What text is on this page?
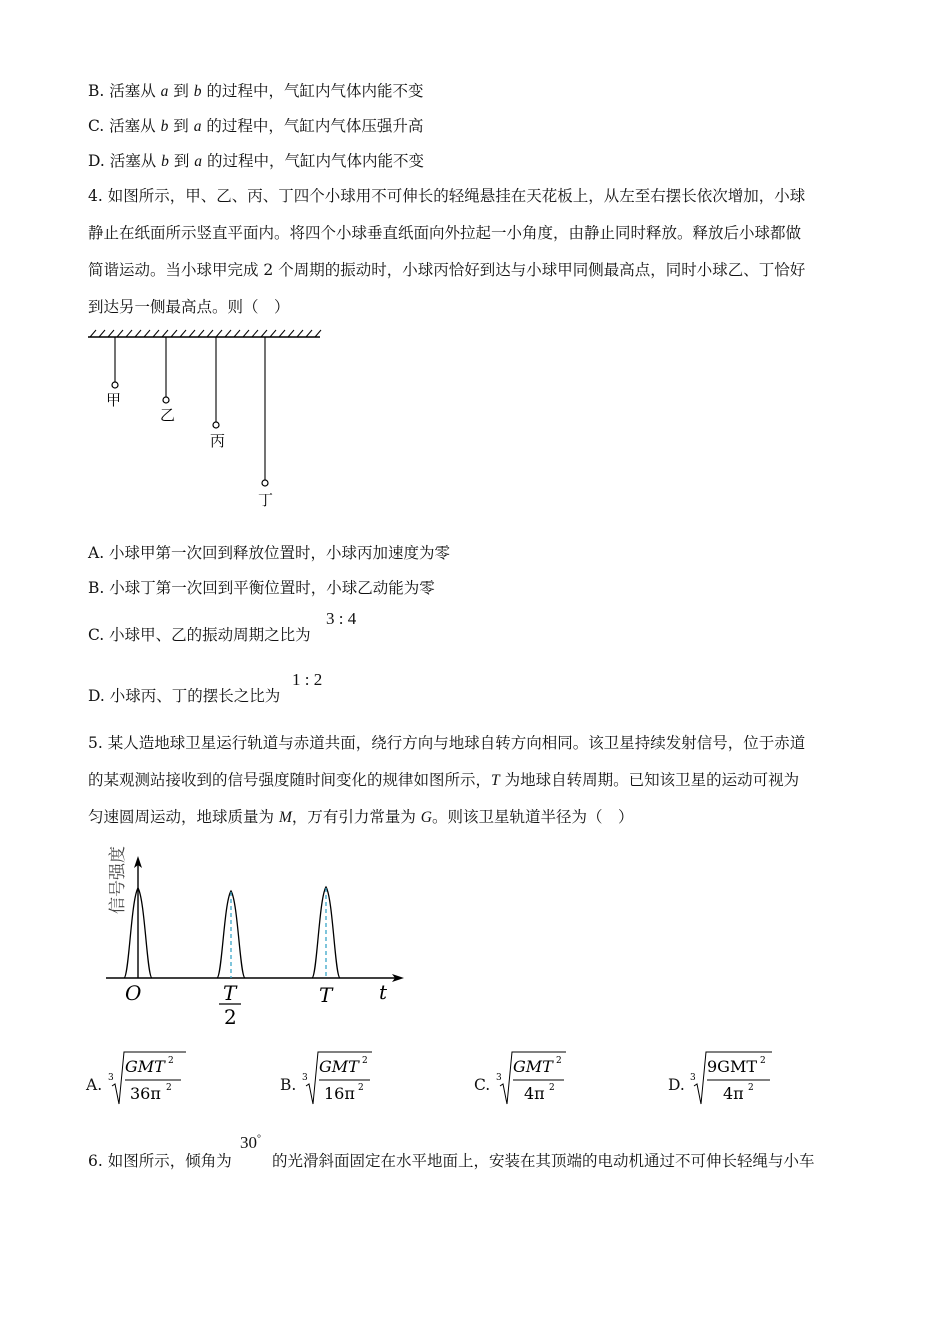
B. 活塞从 a 到 b 的过程中，气缸内气体内能不变
C. 活塞从 b 到 a 的过程中，气缸内气体压强升高
D. 活塞从 b 到 a 的过程中，气缸内气体内能不变
4. 如图所示，甲、乙、丙、丁四个小球用不可伸长的轻绳悬挂在天花板上，从左至右摆长依次增加，小球
静止在纸面所示竖直平面内。将四个小球垂直纸面向外拉起一小角度，由静止同时释放。释放后小球都做
简谐运动。当小球甲完成 2 个周期的振动时，小球丙恰好到达与小球甲同侧最高点，同时小球乙、丁恰好
到达另一侧最高点。则（　）
甲
乙
丙
丁
A. 小球甲第一次回到释放位置时，小球丙加速度为零
B. 小球丁第一次回到平衡位置时，小球乙动能为零
C. 小球甲、乙的振动周期之比为
3 : 4
D. 小球丙、丁的摆长之比为
1 : 2
5. 某人造地球卫星运行轨道与赤道共面，绕行方向与地球自转方向相同。该卫星持续发射信号，位于赤道
的某观测站接收到的信号强度随时间变化的规律如图所示，T 为地球自转周期。已知该卫星的运动可视为
匀速圆周运动，地球质量为 M，万有引力常量为 G。则该卫星轨道半径为（　）
信号强度
O	T
2
T t
A. 3
GMT 2
36π 2	B. 3
GMT 2
16π 2	C. 3
GMT 2
4π 2	D. 3
9GMT 2
4π 2
6. 如图所示，倾角为
30°
的光滑斜面固定在水平地面上，安装在其顶端的电动机通过不可伸长轻绳与小车
